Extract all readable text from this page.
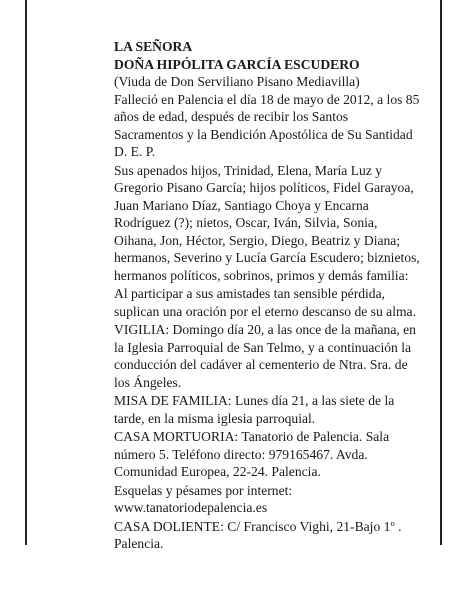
LA SEÑORA
DOÑA HIPÓLITA GARCÍA ESCUDERO
(Viuda de Don Serviliano Pisano Mediavilla)
Falleció en Palencia el día 18 de mayo de 2012, a los 85
años de edad, después de recibir los Santos
Sacramentos y la Bendición Apostólica de Su Santidad
D. E. P.
Sus apenados hijos, Trinidad, Elena, María Luz y
Gregorio Pisano García; hijos políticos, Fidel Garayoa,
Juan Mariano Díaz, Santiago Choya y Encarna
Rodríguez (?); nietos, Oscar, Iván, Silvia, Sonia,
Oihana, Jon, Héctor, Sergio, Diego, Beatriz y Diana;
hermanos, Severino y Lucía García Escudero; biznietos,
hermanos políticos, sobrinos, primos y demás familia:
Al participar a sus amistades tan sensible pérdida,
suplican una oración por el eterno descanso de su alma.
VIGILIA: Domingo día 20, a las once de la mañana, en
la Iglesia Parroquial de San Telmo, y a continuación la
conducción del cadáver al cementerio de Ntra. Sra. de
los Ángeles.
MISA DE FAMILIA: Lunes día 21, a las siete de la
tarde, en la misma iglesia parroquial.
CASA MORTUORIA: Tanatorio de Palencia. Sala
número 5. Teléfono directo: 979165467. Avda.
Comunidad Europea, 22-24. Palencia.
Esquelas y pésames por internet:
www.tanatoriodepalencia.es
CASA DOLIENTE: C/ Francisco Vighi, 21-Bajo 1º .
Palencia.
